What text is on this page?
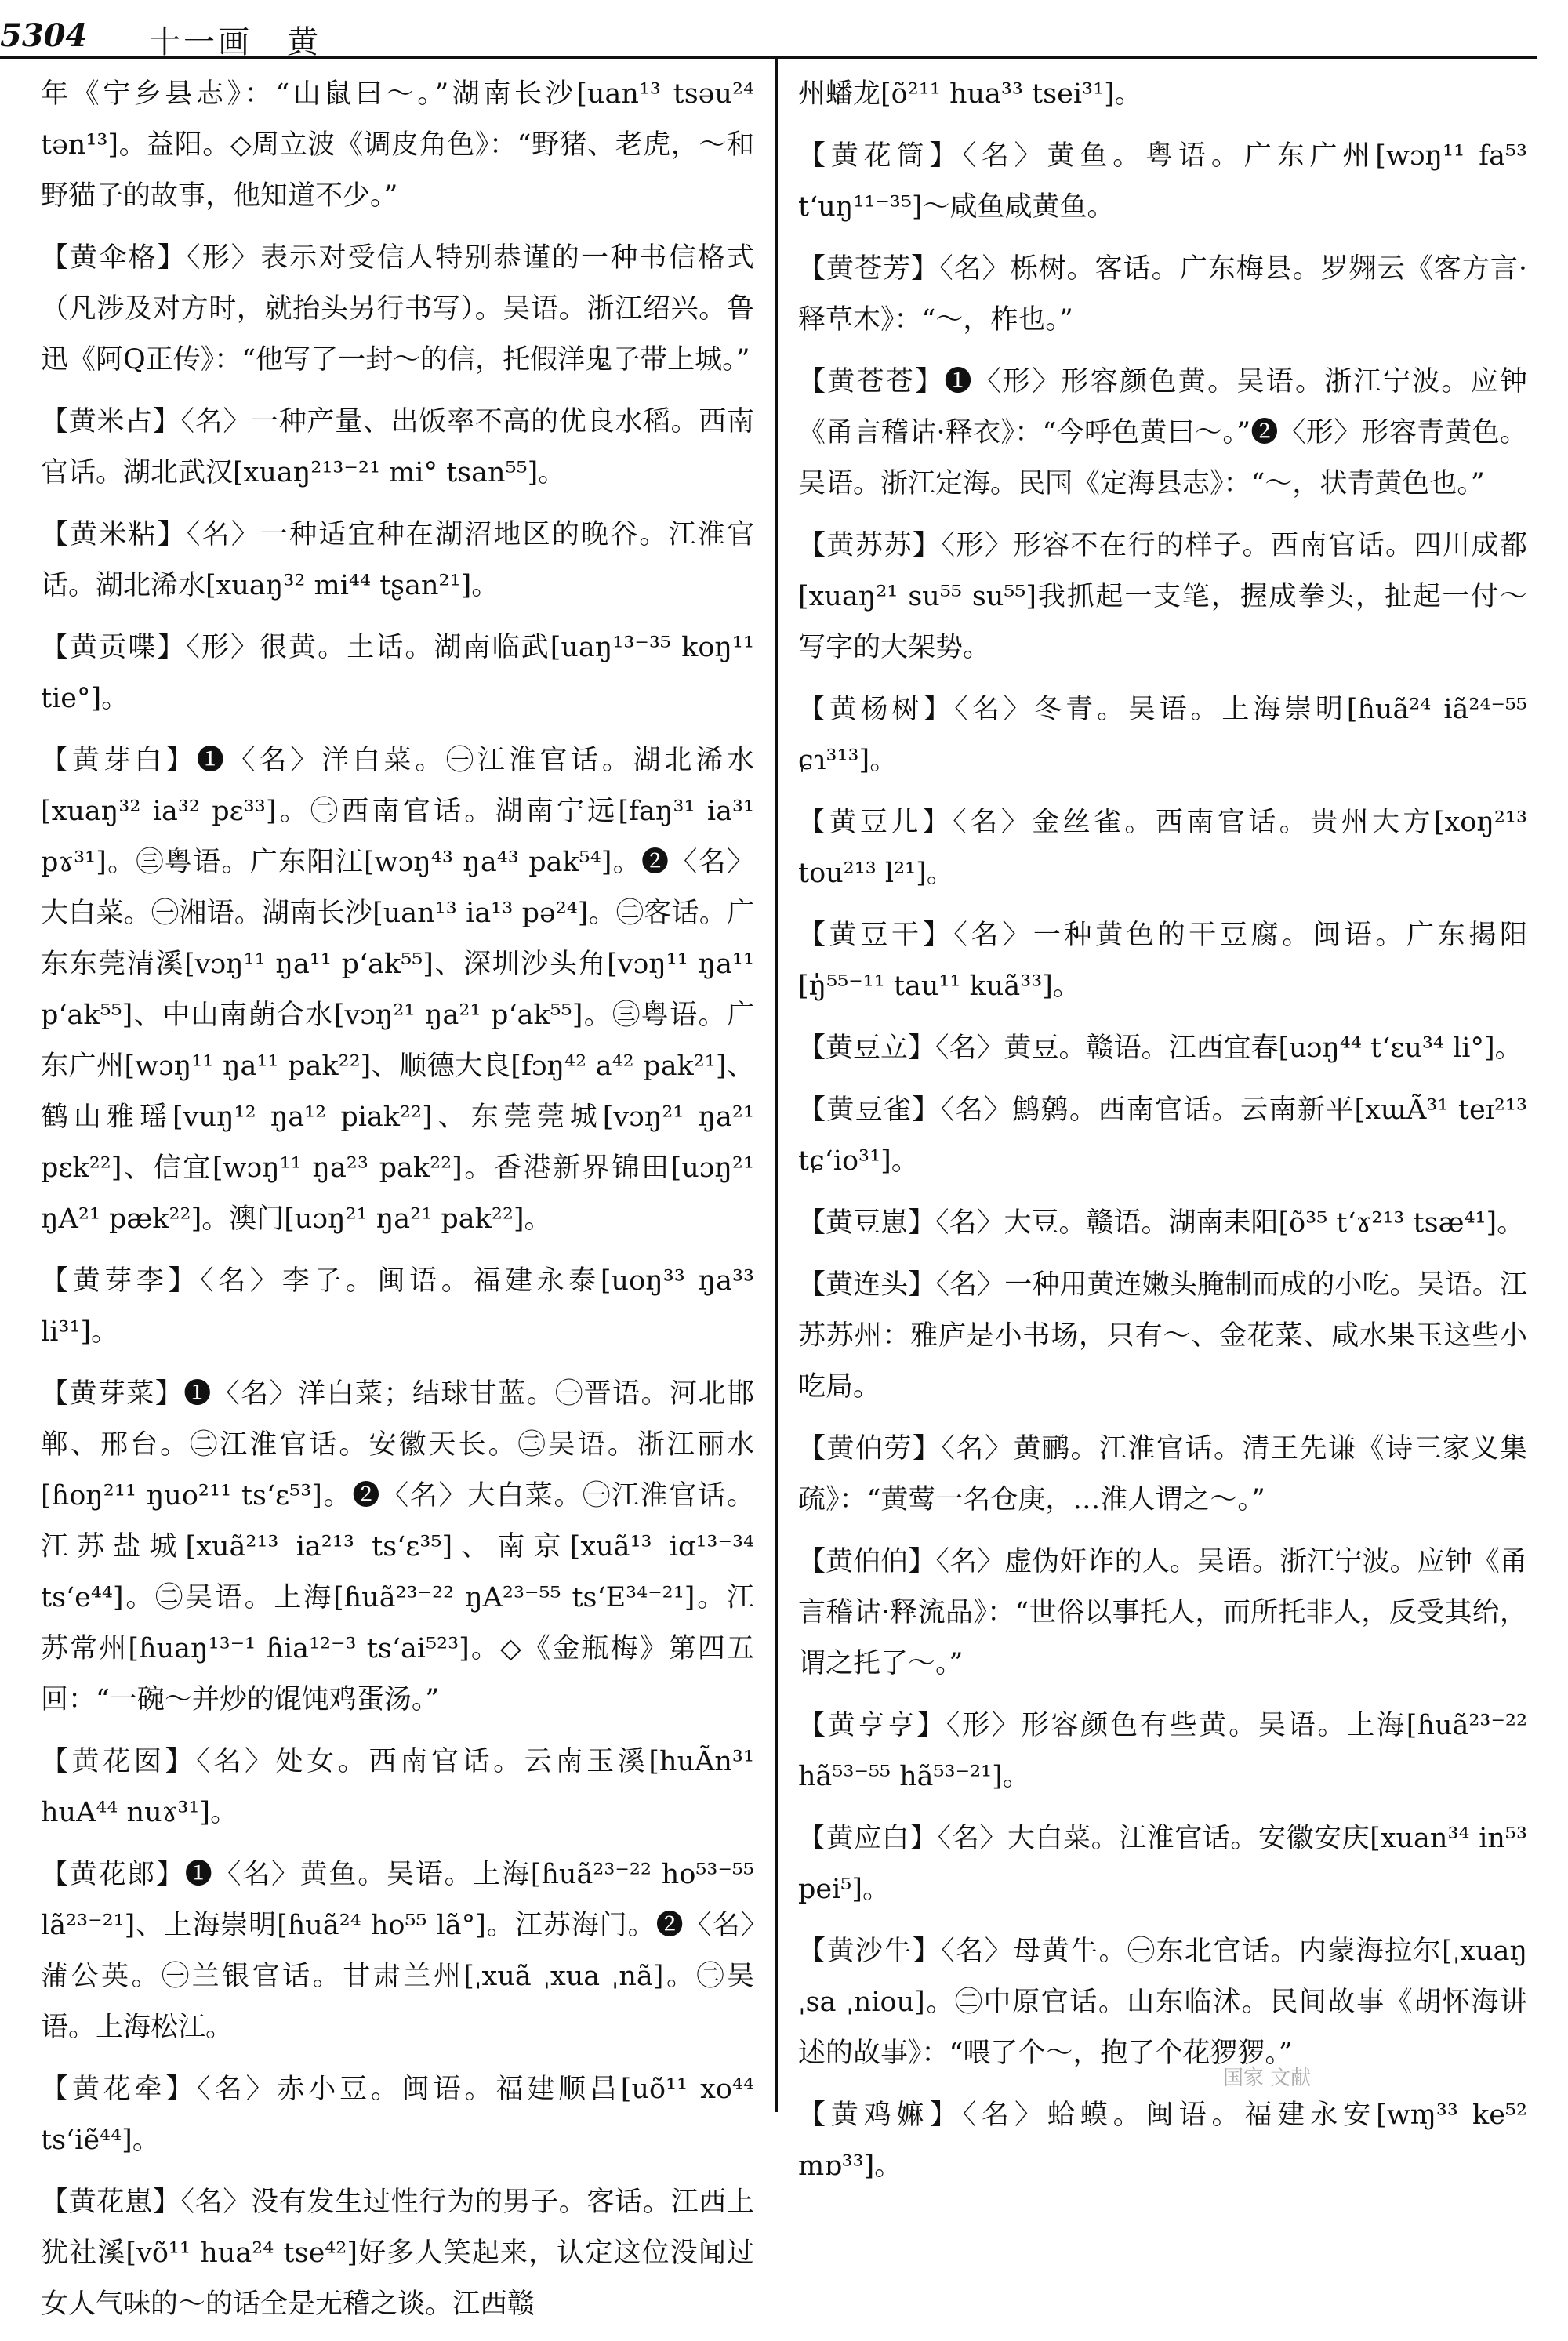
5304 十一画　黄

年《宁乡县志》：“山鼠曰～。”湖南长沙[uan¹³ tsəu²⁴ tən¹³]。益阳。◇周立波《调皮角色》：“野猪、老虎，～和野猫子的故事，他知道不少。”

【黄伞格】〈形〉表示对受信人特别恭谨的一种书信格式（凡涉及对方时，就抬头另行书写）。吴语。浙江绍兴。鲁迅《阿Q正传》：“他写了一封～的信，托假洋鬼子带上城。”

【黄米占】〈名〉一种产量、出饭率不高的优良水稻。西南官话。湖北武汉[xuaŋ²¹³⁻²¹ mi° tsan⁵⁵]。

【黄米粘】〈名〉一种适宜种在湖沼地区的晚谷。江淮官话。湖北浠水[xuaŋ³² mi⁴⁴ tʂan²¹]。

【黄贡喋】〈形〉很黄。土话。湖南临武[uaŋ¹³⁻³⁵ koŋ¹¹ tie°]。

【黄芽白】❶〈名〉洋白菜。㊀江淮官话。湖北浠水[xuaŋ³² ia³² pɛ³³]。㊁西南官话。湖南宁远[faŋ³¹ ia³¹ pɤ³¹]。㊂粤语。广东阳江[wɔŋ⁴³ ŋa⁴³ pak⁵⁴]。❷〈名〉大白菜。㊀湘语。湖南长沙[uan¹³ ia¹³ pə²⁴]。㊁客话。广东东莞清溪[vɔŋ¹¹ ŋa¹¹ pʻak⁵⁵]、深圳沙头角[vɔŋ¹¹ ŋa¹¹ pʻak⁵⁵]、中山南蓢合水[vɔŋ²¹ ŋa²¹ pʻak⁵⁵]。㊂粤语。广东广州[wɔŋ¹¹ ŋa¹¹ pak²²]、顺德大良[fɔŋ⁴² a⁴² pak²¹]、鹤山雅瑶[vuŋ¹² ŋa¹² piak²²]、东莞莞城[vɔŋ²¹ ŋa²¹ pɛk²²]、信宜[wɔŋ¹¹ ŋa²³ pak²²]。香港新界锦田[uɔŋ²¹ ŋA²¹ pæk²²]。澳门[uɔŋ²¹ ŋa²¹ pak²²]。

【黄芽李】〈名〉李子。闽语。福建永泰[uoŋ³³ ŋa³³ li³¹]。

【黄芽菜】❶〈名〉洋白菜；结球甘蓝。㊀晋语。河北邯郸、邢台。㊁江淮官话。安徽天长。㊂吴语。浙江丽水[ɦoŋ²¹¹ ŋuo²¹¹ tsʻɛ⁵³]。❷〈名〉大白菜。㊀江淮官话。江苏盐城[xuã²¹³ ia²¹³ tsʻɛ³⁵]、南京[xuã¹³ iɑ¹³⁻³⁴ tsʻe⁴⁴]。㊁吴语。上海[ɦuã²³⁻²² ŋA²³⁻⁵⁵ tsʻE³⁴⁻²¹]。江苏常州[ɦuaŋ¹³⁻¹ ɦia¹²⁻³ tsʻai⁵²³]。◇《金瓶梅》第四五回：“一碗～并炒的馄饨鸡蛋汤。”

【黄花囡】〈名〉处女。西南官话。云南玉溪[huÃn³¹ huA⁴⁴ nuɤ³¹]。

【黄花郎】❶〈名〉黄鱼。吴语。上海[ɦuã²³⁻²² ho⁵³⁻⁵⁵ lã²³⁻²¹]、上海崇明[ɦuã²⁴ ho⁵⁵ lã°]。江苏海门。❷〈名〉蒲公英。㊀兰银官话。甘肃兰州[ˌxuã ˌxua ˌnã]。㊁吴语。上海松江。

【黄花牵】〈名〉赤小豆。闽语。福建顺昌[uõ¹¹ xo⁴⁴ tsʻiẽ⁴⁴]。

【黄花崽】〈名〉没有发生过性行为的男子。客话。江西上犹社溪[võ¹¹ hua²⁴ tse⁴²]好多人笑起来，认定这位没闻过女人气味的～的话全是无稽之谈。江西赣

州蟠龙[õ²¹¹ hua³³ tsei³¹]。

【黄花筒】〈名〉黄鱼。粤语。广东广州[wɔŋ¹¹ fa⁵³ tʻuŋ¹¹⁻³⁵]～咸鱼咸黄鱼。

【黄苍芳】〈名〉栎树。客话。广东梅县。罗翙云《客方言·释草木》：“～，柞也。”

【黄苍苍】❶〈形〉形容颜色黄。吴语。浙江宁波。应钟《甬言稽诂·释衣》：“今呼色黄曰～。”❷〈形〉形容青黄色。吴语。浙江定海。民国《定海县志》：“～，状青黄色也。”

【黄苏苏】〈形〉形容不在行的样子。西南官话。四川成都[xuaŋ²¹ su⁵⁵ su⁵⁵]我抓起一支笔，握成拳头，扯起一付～写字的大架势。

【黄杨树】〈名〉冬青。吴语。上海崇明[ɦuã²⁴ iã²⁴⁻⁵⁵ ɕɿ³¹³]。

【黄豆儿】〈名〉金丝雀。西南官话。贵州大方[xoŋ²¹³ tou²¹³ l²¹]。

【黄豆干】〈名〉一种黄色的干豆腐。闽语。广东揭阳[ŋ̍⁵⁵⁻¹¹ tau¹¹ kuã³³]。

【黄豆立】〈名〉黄豆。赣语。江西宜春[uɔŋ⁴⁴ tʻɛu³⁴ li°]。

【黄豆雀】〈名〉鹪鹩。西南官话。云南新平[xɯÃ³¹ teɪ²¹³ tɕʻio³¹]。

【黄豆崽】〈名〉大豆。赣语。湖南耒阳[õ³⁵ tʻɤ²¹³ tsæ⁴¹]。

【黄连头】〈名〉一种用黄连嫩头腌制而成的小吃。吴语。江苏苏州：雅庐是小书场，只有～、金花菜、咸水果玉这些小吃局。

【黄伯劳】〈名〉黄鹂。江淮官话。清王先谦《诗三家义集疏》：“黄莺一名仓庚，…淮人谓之～。”

【黄伯伯】〈名〉虚伪奸诈的人。吴语。浙江宁波。应钟《甬言稽诂·释流品》：“世俗以事托人，而所托非人，反受其绐，谓之托了～。”

【黄亨亨】〈形〉形容颜色有些黄。吴语。上海[ɦuã²³⁻²² hã⁵³⁻⁵⁵ hã⁵³⁻²¹]。

【黄应白】〈名〉大白菜。江淮官话。安徽安庆[xuan³⁴ in⁵³ pei⁵]。

【黄沙牛】〈名〉母黄牛。㊀东北官话。内蒙海拉尔[ˌxuaŋ ˌsa ˌniou]。㊁中原官话。山东临沭。民间故事《胡怀海讲述的故事》：“喂了个～，抱了个花猡猡。”

【黄鸡嫲】〈名〉蛤蟆。闽语。福建永安[wɱ³³ ke⁵² mɒ³³]。

国家 文献
